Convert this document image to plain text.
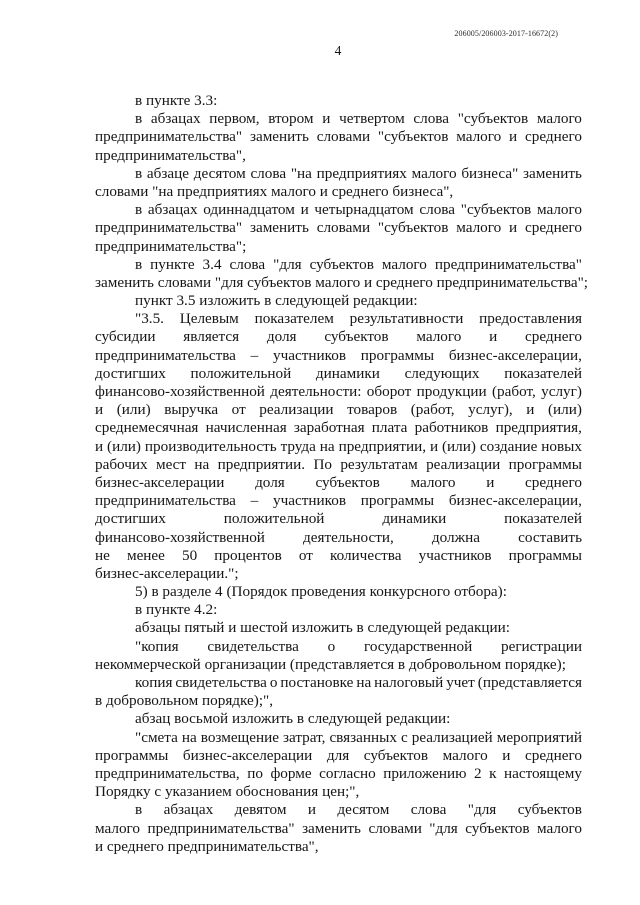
206005/206003-2017-16672(2)
4
в пункте 3.3:
в абзацах первом, втором и четвертом слова "субъектов малого
предпринимательства" заменить словами "субъектов малого и среднего
предпринимательства",
в абзаце десятом слова "на предприятиях малого бизнеса" заменить
словами "на предприятиях малого и среднего бизнеса",
в абзацах одиннадцатом и четырнадцатом слова "субъектов малого
предпринимательства" заменить словами "субъектов малого и среднего
предпринимательства";
в пункте 3.4 слова "для субъектов малого предпринимательства"
заменить словами "для субъектов малого и среднего предпринимательства";
пункт 3.5 изложить в следующей редакции:
"3.5. Целевым показателем результативности предоставления
субсидии является доля субъектов малого и среднего
предпринимательства – участников программы бизнес-акселерации,
достигших положительной динамики следующих показателей
финансово-хозяйственной деятельности: оборот продукции (работ, услуг)
и (или) выручка от реализации товаров (работ, услуг), и (или)
среднемесячная начисленная заработная плата работников предприятия,
и (или) производительность труда на предприятии, и (или) создание новых
рабочих мест на предприятии. По результатам реализации программы
бизнес-акселерации доля субъектов малого и среднего
предпринимательства – участников программы бизнес-акселерации,
достигших	положительной	динамики	показателей
финансово-хозяйственной	деятельности,	должна	составить
не менее 50 процентов от количества участников программы
бизнес-акселерации.";
5) в разделе 4 (Порядок проведения конкурсного отбора):
в пункте 4.2:
абзацы пятый и шестой изложить в следующей редакции:
"копия свидетельства о государственной регистрации
некоммерческой организации (представляется в добровольном порядке);
копия свидетельства о постановке на налоговый учет (представляется
в добровольном порядке);",
абзац восьмой изложить в следующей редакции:
"смета на возмещение затрат, связанных с реализацией мероприятий
программы бизнес-акселерации для субъектов малого и среднего
предпринимательства, по форме согласно приложению 2 к настоящему
Порядку с указанием обоснования цен;",
в абзацах девятом и десятом слова "для субъектов
малого предпринимательства" заменить словами "для субъектов малого
и среднего предпринимательства",
